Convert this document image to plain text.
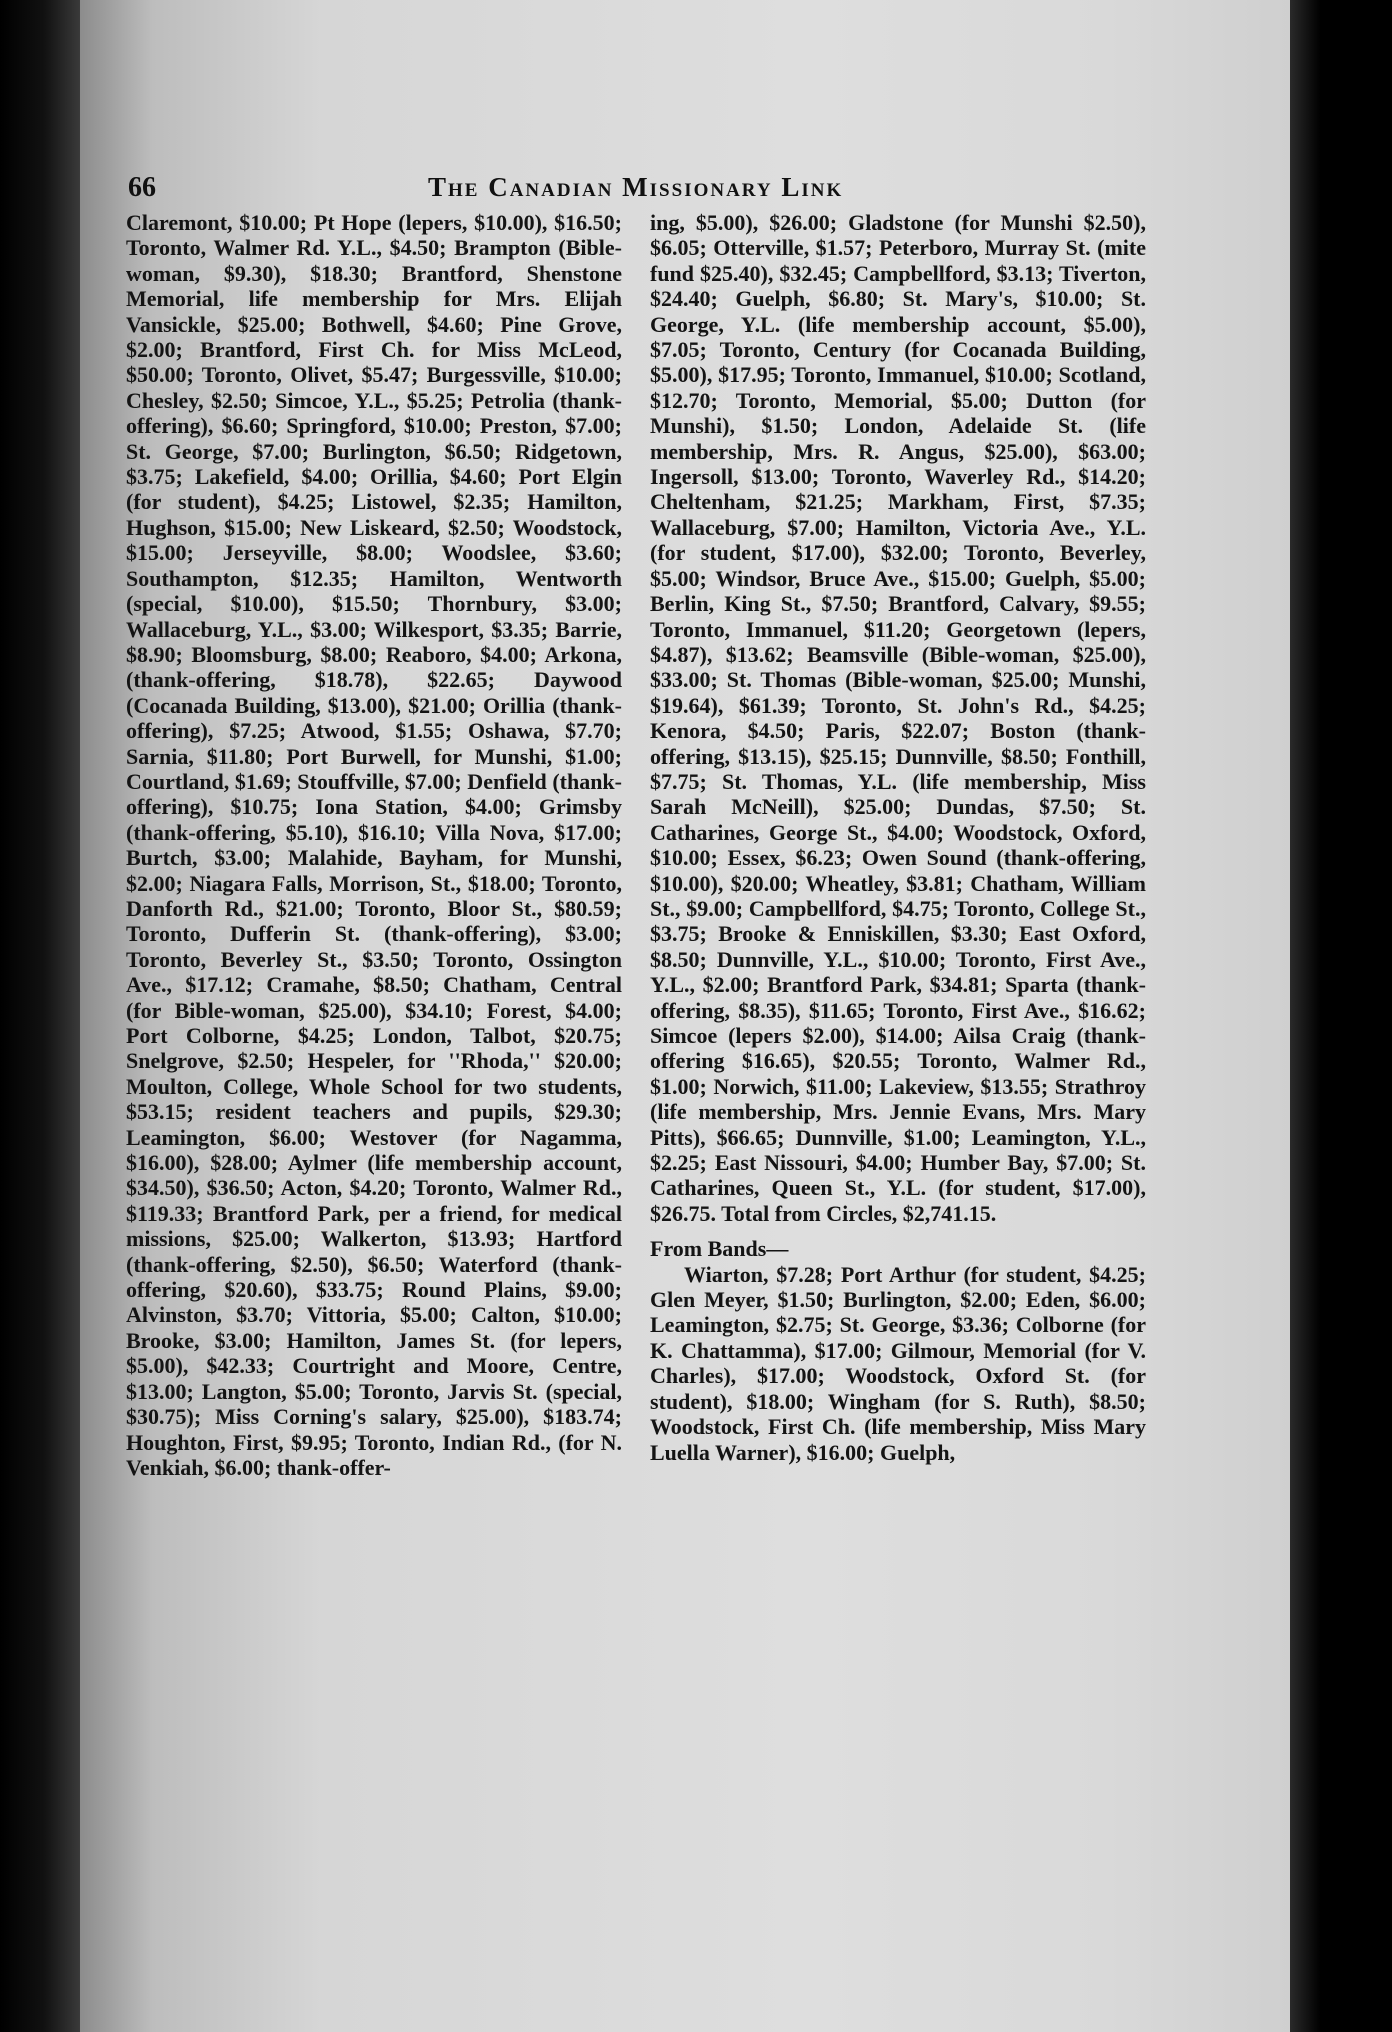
66	The Canadian Missionary Link

Claremont, $10.00; Pt Hope (lepers, $10.00), $16.50; Toronto, Walmer Rd. Y.L., $4.50; Brampton (Bible-woman, $9.30), $18.30; Brantford, Shenstone Memorial, life membership for Mrs. Elijah Vansickle, $25.00; Bothwell, $4.60; Pine Grove, $2.00; Brantford, First Ch. for Miss McLeod, $50.00; Toronto, Olivet, $5.47; Burgessville, $10.00; Chesley, $2.50; Simcoe, Y.L., $5.25; Petrolia (thank-offering), $6.60; Springford, $10.00; Preston, $7.00; St. George, $7.00; Burlington, $6.50; Ridgetown, $3.75; Lakefield, $4.00; Orillia, $4.60; Port Elgin (for student), $4.25; Listowel, $2.35; Hamilton, Hughson, $15.00; New Liskeard, $2.50; Woodstock, $15.00; Jerseyville, $8.00; Woodslee, $3.60; Southampton, $12.35; Hamilton, Wentworth (special, $10.00), $15.50; Thornbury, $3.00; Wallaceburg, Y.L., $3.00; Wilkesport, $3.35; Barrie, $8.90; Bloomsburg, $8.00; Reaboro, $4.00; Arkona, (thank-offering, $18.78), $22.65; Daywood (Cocanada Building, $13.00), $21.00; Orillia (thank-offering), $7.25; Atwood, $1.55; Oshawa, $7.70; Sarnia, $11.80; Port Burwell, for Munshi, $1.00; Courtland, $1.69; Stouffville, $7.00; Denfield (thank-offering), $10.75; Iona Station, $4.00; Grimsby (thank-offering, $5.10), $16.10; Villa Nova, $17.00; Burtch, $3.00; Malahide, Bayham, for Munshi, $2.00; Niagara Falls, Morrison, St., $18.00; Toronto, Danforth Rd., $21.00; Toronto, Bloor St., $80.59; Toronto, Dufferin St. (thank-offering), $3.00; Toronto, Beverley St., $3.50; Toronto, Ossington Ave., $17.12; Cramahe, $8.50; Chatham, Central (for Bible-woman, $25.00), $34.10; Forest, $4.00; Port Colborne, $4.25; London, Talbot, $20.75; Snelgrove, $2.50; Hespeler, for ''Rhoda,'' $20.00; Moulton, College, Whole School for two students, $53.15; resident teachers and pupils, $29.30; Leamington, $6.00; Westover (for Nagamma, $16.00), $28.00; Aylmer (life membership account, $34.50), $36.50; Acton, $4.20; Toronto, Walmer Rd., $119.33; Brantford Park, per a friend, for medical missions, $25.00; Walkerton, $13.93; Hartford (thank-offering, $2.50), $6.50; Waterford (thank-offering, $20.60), $33.75; Round Plains, $9.00; Alvinston, $3.70; Vittoria, $5.00; Calton, $10.00; Brooke, $3.00; Hamilton, James St. (for lepers, $5.00), $42.33; Courtright and Moore, Centre, $13.00; Langton, $5.00; Toronto, Jarvis St. (special, $30.75); Miss Corning's salary, $25.00), $183.74; Houghton, First, $9.95; Toronto, Indian Rd., (for N. Venkiah, $6.00; thank-offer-

ing, $5.00), $26.00; Gladstone (for Munshi $2.50), $6.05; Otterville, $1.57; Peterboro, Murray St. (mite fund $25.40), $32.45; Campbellford, $3.13; Tiverton, $24.40; Guelph, $6.80; St. Mary's, $10.00; St. George, Y.L. (life membership account, $5.00), $7.05; Toronto, Century (for Cocanada Building, $5.00), $17.95; Toronto, Immanuel, $10.00; Scotland, $12.70; Toronto, Memorial, $5.00; Dutton (for Munshi), $1.50; London, Adelaide St. (life membership, Mrs. R. Angus, $25.00), $63.00; Ingersoll, $13.00; Toronto, Waverley Rd., $14.20; Cheltenham, $21.25; Markham, First, $7.35; Wallaceburg, $7.00; Hamilton, Victoria Ave., Y.L. (for student, $17.00), $32.00; Toronto, Beverley, $5.00; Windsor, Bruce Ave., $15.00; Guelph, $5.00; Berlin, King St., $7.50; Brantford, Calvary, $9.55; Toronto, Immanuel, $11.20; Georgetown (lepers, $4.87), $13.62; Beamsville (Bible-woman, $25.00), $33.00; St. Thomas (Bible-woman, $25.00; Munshi, $19.64), $61.39; Toronto, St. John's Rd., $4.25; Kenora, $4.50; Paris, $22.07; Boston (thank-offering, $13.15), $25.15; Dunnville, $8.50; Fonthill, $7.75; St. Thomas, Y.L. (life membership, Miss Sarah McNeill), $25.00; Dundas, $7.50; St. Catharines, George St., $4.00; Woodstock, Oxford, $10.00; Essex, $6.23; Owen Sound (thank-offering, $10.00), $20.00; Wheatley, $3.81; Chatham, William St., $9.00; Campbellford, $4.75; Toronto, College St., $3.75; Brooke & Enniskillen, $3.30; East Oxford, $8.50; Dunnville, Y.L., $10.00; Toronto, First Ave., Y.L., $2.00; Brantford Park, $34.81; Sparta (thank-offering, $8.35), $11.65; Toronto, First Ave., $16.62; Simcoe (lepers $2.00), $14.00; Ailsa Craig (thank-offering $16.65), $20.55; Toronto, Walmer Rd., $1.00; Norwich, $11.00; Lakeview, $13.55; Strathroy (life membership, Mrs. Jennie Evans, Mrs. Mary Pitts), $66.65; Dunnville, $1.00; Leamington, Y.L., $2.25; East Nissouri, $4.00; Humber Bay, $7.00; St. Catharines, Queen St., Y.L. (for student, $17.00), $26.75. Total from Circles, $2,741.15.

From Bands—

Wiarton, $7.28; Port Arthur (for student, $4.25; Glen Meyer, $1.50; Burlington, $2.00; Eden, $6.00; Leamington, $2.75; St. George, $3.36; Colborne (for K. Chattamma), $17.00; Gilmour, Memorial (for V. Charles), $17.00; Woodstock, Oxford St. (for student), $18.00; Wingham (for S. Ruth), $8.50; Woodstock, First Ch. (life membership, Miss Mary Luella Warner), $16.00; Guelph,
